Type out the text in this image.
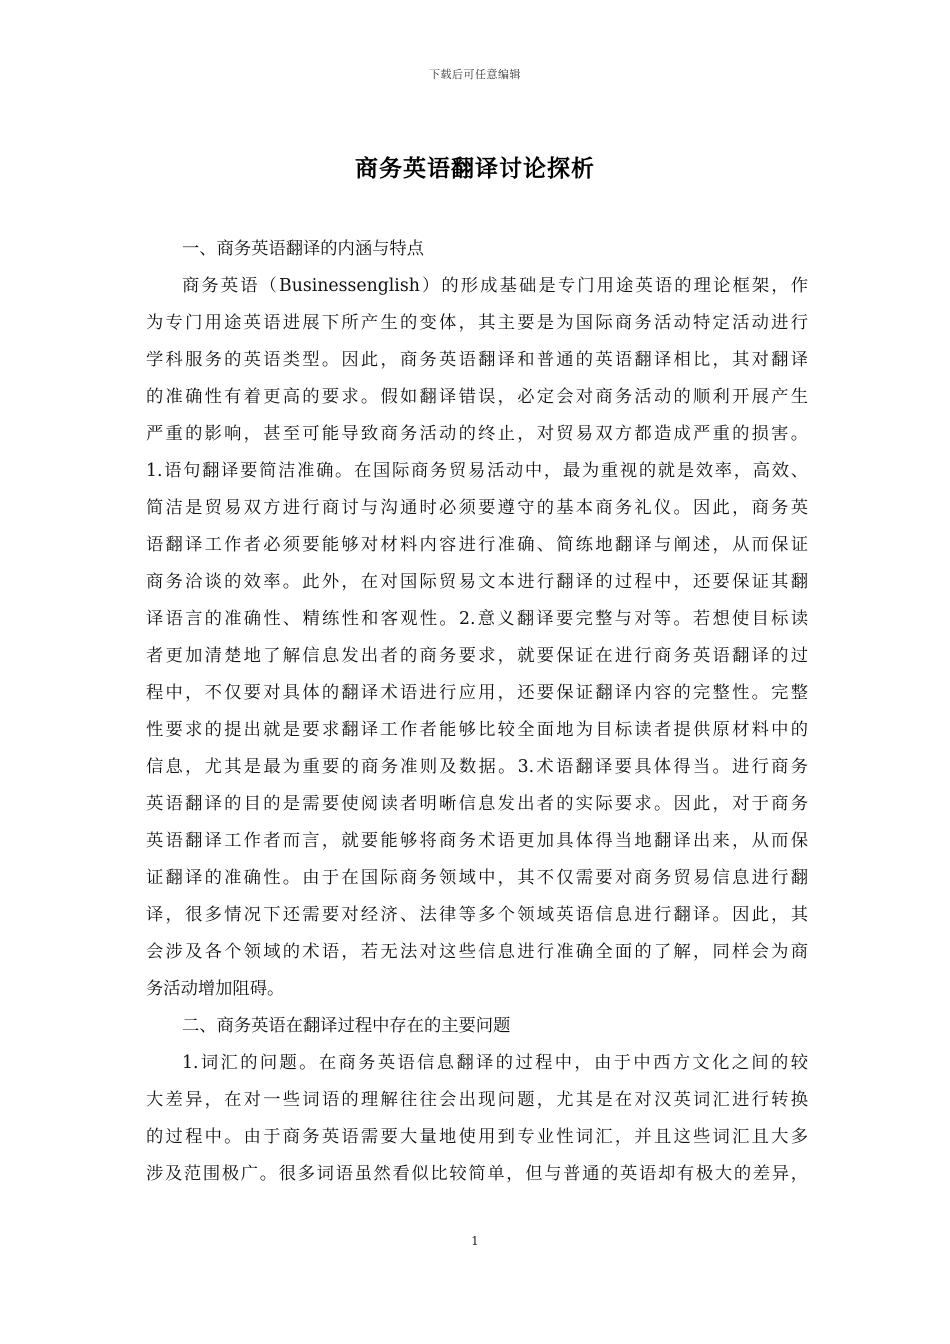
下载后可任意编辑
商务英语翻译讨论探析
一、商务英语翻译的内涵与特点
商务英语（Businessenglish）的形成基础是专门用途英语的理论框架，作
为专门用途英语进展下所产生的变体，其主要是为国际商务活动特定活动进行
学科服务的英语类型。因此，商务英语翻译和普通的英语翻译相比，其对翻译
的准确性有着更高的要求。假如翻译错误，必定会对商务活动的顺利开展产生
严重的影响，甚至可能导致商务活动的终止，对贸易双方都造成严重的损害。
1.语句翻译要简洁准确。在国际商务贸易活动中，最为重视的就是效率，高效、
简洁是贸易双方进行商讨与沟通时必须要遵守的基本商务礼仪。因此，商务英
语翻译工作者必须要能够对材料内容进行准确、简练地翻译与阐述，从而保证
商务洽谈的效率。此外，在对国际贸易文本进行翻译的过程中，还要保证其翻
译语言的准确性、精练性和客观性。2.意义翻译要完整与对等。若想使目标读
者更加清楚地了解信息发出者的商务要求，就要保证在进行商务英语翻译的过
程中，不仅要对具体的翻译术语进行应用，还要保证翻译内容的完整性。完整
性要求的提出就是要求翻译工作者能够比较全面地为目标读者提供原材料中的
信息，尤其是最为重要的商务准则及数据。3.术语翻译要具体得当。进行商务
英语翻译的目的是需要使阅读者明晰信息发出者的实际要求。因此，对于商务
英语翻译工作者而言，就要能够将商务术语更加具体得当地翻译出来，从而保
证翻译的准确性。由于在国际商务领域中，其不仅需要对商务贸易信息进行翻
译，很多情况下还需要对经济、法律等多个领域英语信息进行翻译。因此，其
会涉及各个领域的术语，若无法对这些信息进行准确全面的了解，同样会为商
务活动增加阻碍。
二、商务英语在翻译过程中存在的主要问题
1.词汇的问题。在商务英语信息翻译的过程中，由于中西方文化之间的较
大差异，在对一些词语的理解往往会出现问题，尤其是在对汉英词汇进行转换
的过程中。由于商务英语需要大量地使用到专业性词汇，并且这些词汇且大多
涉及范围极广。很多词语虽然看似比较简单，但与普通的英语却有极大的差异，
1
